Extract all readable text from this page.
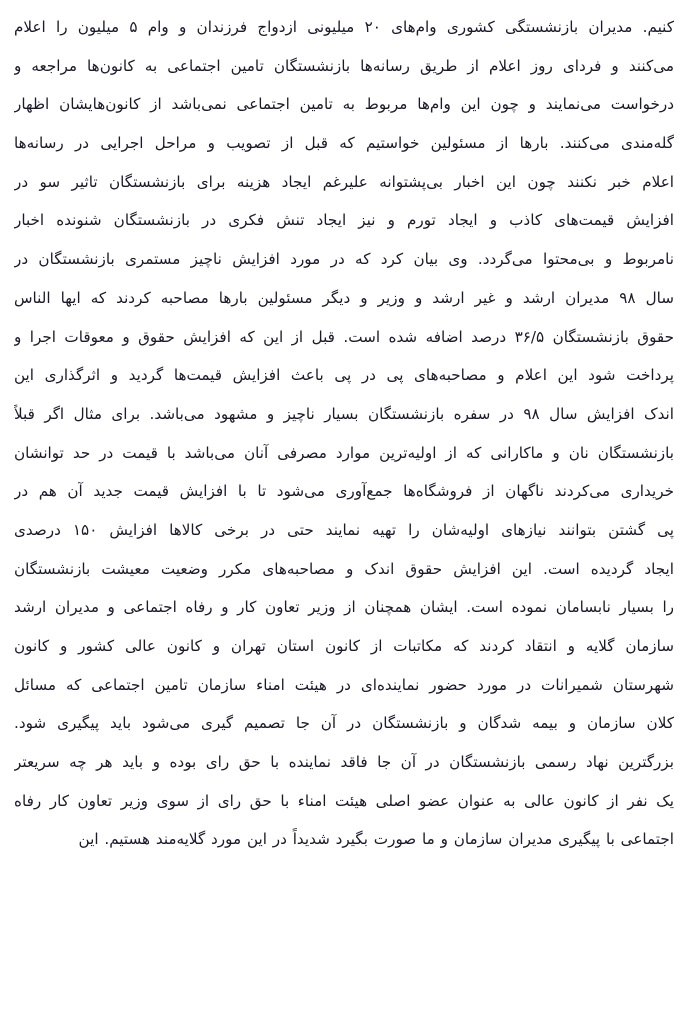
کنیم. مدیران بازنشستگی کشوری وام‌های ۲۰ میلیونی ازدواج فرزندان و وام ۵ میلیون را اعلام
می‌کنند و فردای روز اعلام از طریق رسانه‌ها بازنشستگان تامین اجتماعی به کانون‌ها مراجعه و
درخواست می‌نمایند و چون این وام‌ها مربوط به تامین اجتماعی نمی‌باشد از کانون‌هایشان اظهار
گله‌مندی می‌کنند. بارها از مسئولین خواستیم که قبل از تصویب و مراحل اجرایی در رسانه‌ها
اعلام خبر نکنند چون این اخبار بی‌پشتوانه علیرغم ایجاد هزینه برای بازنشستگان تاثیر سو در
افزایش قیمت‌های کاذب و ایجاد تورم و نیز ایجاد تنش فکری در بازنشستگان شنونده اخبار
نامربوط و بی‌محتوا می‌گردد. وی بیان کرد که در مورد افزایش ناچیز مستمری بازنشستگان در
سال ۹۸ مدیران ارشد و غیر ارشد و وزیر و دیگر مسئولین بارها مصاحبه کردند که ایها الناس
حقوق بازنشستگان ۳۶/۵ درصد اضافه شده است. قبل از این که افزایش حقوق و معوقات اجرا و
پرداخت شود این اعلام و مصاحبه‌های پی در پی باعث افزایش قیمت‌ها گردید و اثرگذاری این
اندک افزایش سال ۹۸ در سفره بازنشستگان بسیار ناچیز و مشهود می‌باشد. برای مثال اگر قبلاً
بازنشستگان نان و ماکارانی که از اولیه‌ترین موارد مصرفی آنان می‌باشد با قیمت در حد توانشان
خریداری می‌کردند ناگهان از فروشگاه‌ها جمع‌آوری می‌شود تا با افزایش قیمت جدید آن هم در
پی گشتن بتوانند نیازهای اولیه‌شان را تهیه نمایند حتی در برخی کالاها افزایش ۱۵۰ درصدی
ایجاد گردیده است. این افزایش حقوق اندک و مصاحبه‌های مکرر وضعیت معیشت بازنشستگان
را بسیار نابسامان نموده است. ایشان همچنان از وزیر تعاون کار و رفاه اجتماعی و مدیران ارشد
سازمان گلایه و انتقاد کردند که مکاتبات از کانون استان تهران و کانون عالی کشور و کانون
شهرستان شمیرانات در مورد حضور نماینده‌ای در هیئت امناء سازمان تامین اجتماعی که مسائل
کلان سازمان و بیمه شدگان و بازنشستگان در آن جا تصمیم گیری می‌شود باید پیگیری شود.
بزرگترین نهاد رسمی بازنشستگان در آن جا فاقد نماینده با حق رای بوده و باید هر چه سریعتر
یک نفر از کانون عالی به عنوان عضو اصلی هیئت امناء با حق رای از سوی وزیر تعاون کار رفاه
اجتماعی با پیگیری مدیران سازمان و ما صورت بگیرد شدیداً در این مورد گلایه‌مند هستیم. این
